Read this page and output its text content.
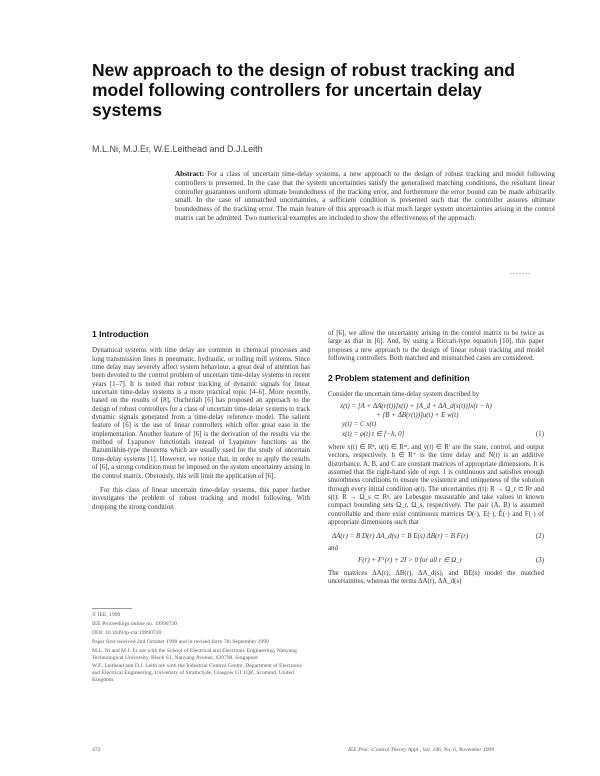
New approach to the design of robust tracking and model following controllers for uncertain delay systems
M.L.Ni, M.J.Er, W.E.Leithead and D.J.Leith

Abstract: For a class of uncertain time-delay systems, a new approach to the design of robust tracking and model following controllers is presented. In the case that the system uncertainties satisfy the generalised matching conditions, the resultant linear controller guarantees uniform ultimate boundedness of the tracking error, and furthermore the error bound can be made arbitrarily small. In the case of unmatched uncertainties, a sufficient condition is presented such that the controller assures ultimate boundedness of the tracking error. The main feature of this approach is that much larger system uncertainties arising in the control matrix can be admitted. Two numerical examples are included to show the effectiveness of the approach.

.......
1 Introduction

Dynamical systems with time delay are common in chemical processes and long transmission lines in pneumatic, hydraulic, or rolling mill systems. Since time delay may severely affect system behaviour, a great deal of attention has been devoted to the control problem of uncertain time-delay systems in recent years [1–7]. It is noted that robust tracking of dynamic signals for linear uncertain time-delay systems is a more practical topic [4–6]. More recently, based on the results of [8], Oucheriah [6] has proposed an approach to the design of robust controllers for a class of uncertain time-delay systems to track dynamic signals generated from a time-delay reference model. The salient feature of [6] is the use of linear controllers which offer great ease in the implementation. Another feature of [6] is the derivation of the results via the method of Lyapunov functionals instead of Lyapunov functions as the Razumikhin-type theorems which are usually used for the study of uncertain time-delay systems [1]. However, we notice that, in order to apply the results of [6], a strong condition must be imposed on the system uncertainty arising in the control matrix. Obviously, this will limit the application of [6].

For this class of linear uncertain time-delay systems, this paper further investigates the problem of robust tracking and model following. With dropping the strong condition

© IEE, 1999
IEE Proceedings online no. 19990720
DOI: 10.1049/ip-cta:19990720
Paper first received 2nd October 1998 and in revised form 7th September 1999
M.L. Ni and M.J. Er are with the School of Electrical and Electronic Engineering, Nanyang Technological University, Block S1, Nanyang Avenue, 639798, Singapore
W.E. Leithead and D.J. Leith are with the Industrial Control Centre, Department of Electronic and Electrical Engineering, University of Strathclyde, Glasgow G1 1QE, Scotland, United Kingdom

of [6], we allow the uncertainty arising in the control matrix to be twice as large as that in [6]. And, by using a Riccati-type equation [10], this paper proposes a new approach to the design of linear robust tracking and model following controllers. Both matched and mismatched cases are considered.

2 Problem statement and definition

Consider the uncertain time-delay system described by

ẋ(t) = [A + ΔA(r(t))]x(t) + [A_d + ΔA_d(s(t))]x(t − h)
+ [B + ΔB(r(t))]u(t) + E w(t)
y(t) = C x(t)
x(t) = φ(t) t ∈ [−h, 0]	(1)

where x(t) ∈ Rⁿ, u(t) ∈ Rᵐ, and y(t) ∈ Rˡ are the state, control, and output vectors, respectively. h ∈ R⁺ is the time delay and N(t) is an additive disturbance. A, B, and C are constant matrices of appropriate dimensions. It is assumed that the right-hand side of eqn. 1 is continuous and satisfies enough smoothness conditions to ensure the existence and uniqueness of the solution through every initial condition φ(t). The uncertainties r(t): R → Ω_r ⊂ Rᵖ and s(t): R → Ω_s ⊂ Rᵍ, are Lebesgue measurable and take values in known compact bounding sets Ω_r, Ω_s, respectively. The pair (A, B) is assumed controllable and there exist continuous matrices D(·), E(·), Ê(·) and F(·) of appropriate dimensions such that

ΔA(r) = B D(r) ΔA_d(s) = B E(s) ΔB(r) = B F(r)	(2)
and
F(r) + Fᵀ(r) + 2I > 0 for all r ∈ Ω_r	(3)

The matrices ΔA(r), ΔB(r), ΔA_d(s), and BE(s) model the matched uncertainties, whereas the terms ΔA(r), ΔA_d(s)

472	IEE Proc.-Control Theory Appl., Vol. 146, No. 6, November 1999
